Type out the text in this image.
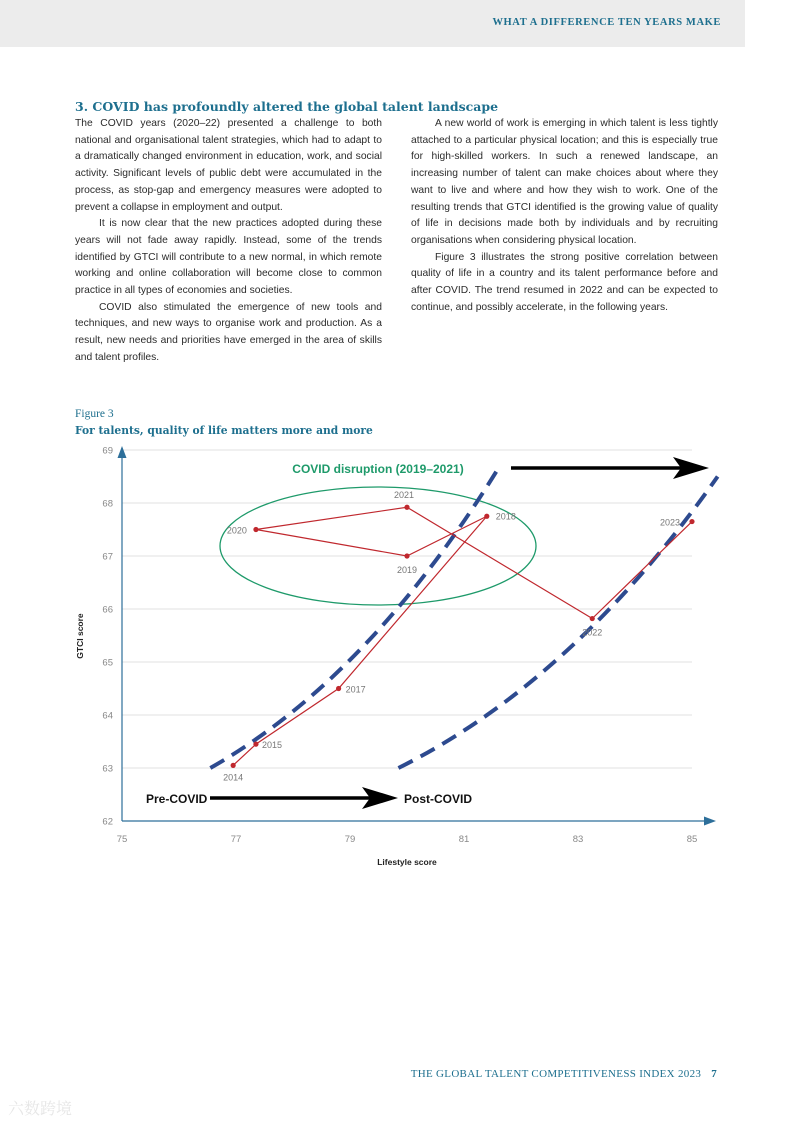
WHAT A DIFFERENCE TEN YEARS MAKE
3. COVID has profoundly altered the global talent landscape

The COVID years (2020–22) presented a challenge to both national and organisational talent strategies, which had to adapt to a dramatically changed environment in education, work, and social activity. Significant levels of public debt were accumulated in the process, as stop-gap and emergency measures were adopted to prevent a collapse in employment and output.

It is now clear that the new practices adopted during these years will not fade away rapidly. Instead, some of the trends identified by GTCI will contribute to a new normal, in which remote working and online collaboration will become close to common practice in all types of economies and societies.

COVID also stimulated the emergence of new tools and techniques, and new ways to organise work and production. As a result, new needs and priorities have emerged in the area of skills and talent profiles.

A new world of work is emerging in which talent is less tightly attached to a particular physical location; and this is especially true for high-skilled workers. In such a renewed landscape, an increasing number of talent can make choices about where they want to live and where and how they wish to work. One of the resulting trends that GTCI identified is the growing value of quality of life in decisions made both by individuals and by recruiting organisations when considering physical location.

Figure 3 illustrates the strong positive correlation between quality of life in a country and its talent performance before and after COVID. The trend resumed in 2022 and can be expected to continue, and possibly accelerate, in the following years.

Figure 3
For talents, quality of life matters more and more
62
63
64
65
66
67
68
69
75	77	79	81	83	85
Lifestyle score
GTCI score
COVID disruption (2019–2021)
Pre-COVID	Post-COVID
2014
2015
2017
2018
2019
2020
2021
2022
2023
THE GLOBAL TALENT COMPETITIVENESS INDEX 2023 7
六数跨境
